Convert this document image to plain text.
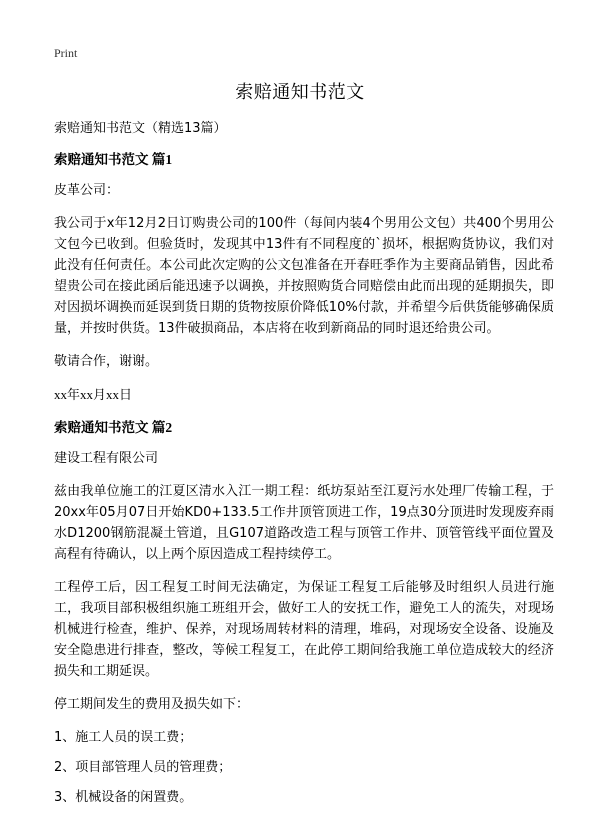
Print
索赔通知书范文

索赔通知书范文（精选13篇）

索赔通知书范文 篇1

皮革公司：

我公司于x年12月2日订购贵公司的100件（每间内装4个男用公文包）共400个男用公文包今已收到。但验货时，发现其中13件有不同程度的`损坏，根据购货协议，我们对此没有任何责任。本公司此次定购的公文包准备在开春旺季作为主要商品销售，因此希望贵公司在接此函后能迅速予以调换，并按照购货合同赔偿由此而出现的延期损失，即对因损坏调换而延误到货日期的货物按原价降低10%付款，并希望今后供货能够确保质量，并按时供货。13件破损商品，本店将在收到新商品的同时退还给贵公司。

敬请合作，谢谢。

xx年xx月xx日

索赔通知书范文 篇2

建设工程有限公司

兹由我单位施工的江夏区清水入江一期工程：纸坊泵站至江夏污水处理厂传输工程，于20xx年05月07日开始KD0+133.5工作井顶管顶进工作，19点30分顶进时发现废弃雨水D1200钢筋混凝土管道，且G107道路改造工程与顶管工作井、顶管管线平面位置及高程有待确认，以上两个原因造成工程持续停工。

工程停工后，因工程复工时间无法确定，为保证工程复工后能够及时组织人员进行施工，我项目部积极组织施工班组开会，做好工人的安抚工作，避免工人的流失，对现场机械进行检查，维护、保养，对现场周转材料的清理，堆码，对现场安全设备、设施及安全隐患进行排查，整改，等候工程复工，在此停工期间给我施工单位造成较大的经济损失和工期延误。

停工期间发生的费用及损失如下：

1、施工人员的误工费；

2、项目部管理人员的管理费；

3、机械设备的闲置费。
